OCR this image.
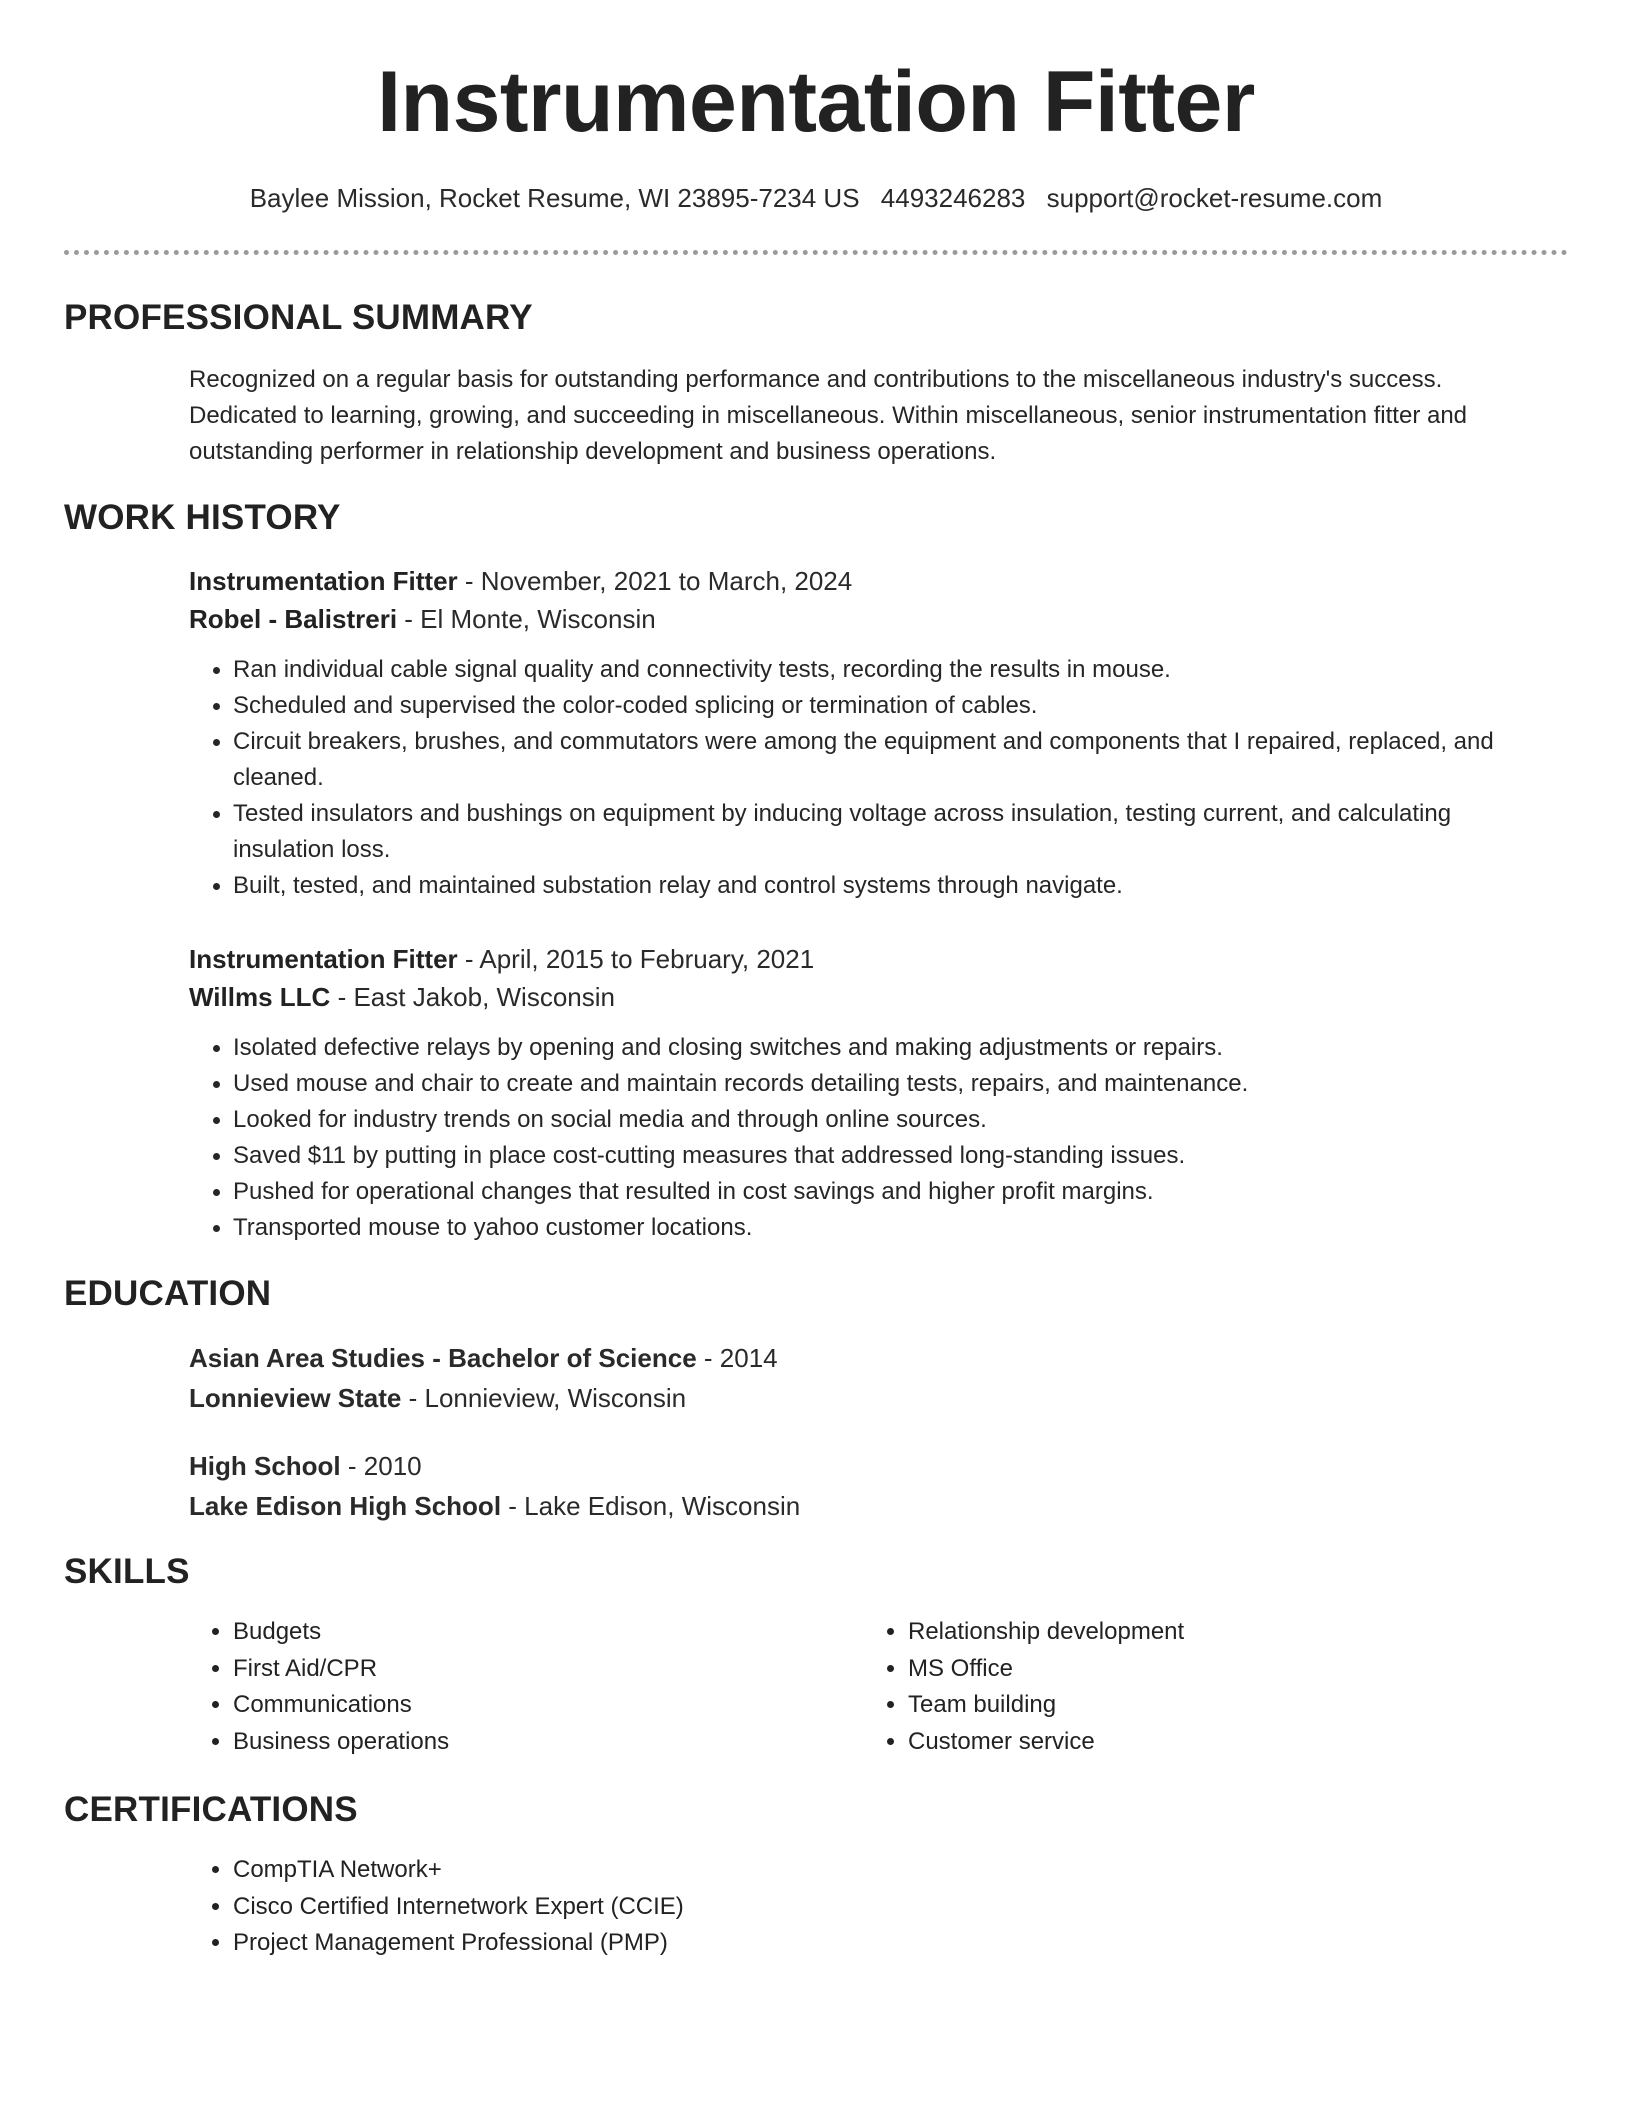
Instrumentation Fitter
Baylee Mission, Rocket Resume, WI 23895-7234 US 4493246283 support@rocket-resume.com
PROFESSIONAL SUMMARY

Recognized on a regular basis for outstanding performance and contributions to the miscellaneous industry's success. Dedicated to learning, growing, and succeeding in miscellaneous. Within miscellaneous, senior instrumentation fitter and outstanding performer in relationship development and business operations.

WORK HISTORY
Instrumentation Fitter - November, 2021 to March, 2024
Robel - Balistreri - El Monte, Wisconsin
• Ran individual cable signal quality and connectivity tests, recording the results in mouse.
• Scheduled and supervised the color-coded splicing or termination of cables.
• Circuit breakers, brushes, and commutators were among the equipment and components that I repaired, replaced, and cleaned.
• Tested insulators and bushings on equipment by inducing voltage across insulation, testing current, and calculating insulation loss.
• Built, tested, and maintained substation relay and control systems through navigate.
Instrumentation Fitter - April, 2015 to February, 2021
Willms LLC - East Jakob, Wisconsin
• Isolated defective relays by opening and closing switches and making adjustments or repairs.
• Used mouse and chair to create and maintain records detailing tests, repairs, and maintenance.
• Looked for industry trends on social media and through online sources.
• Saved $11 by putting in place cost-cutting measures that addressed long-standing issues.
• Pushed for operational changes that resulted in cost savings and higher profit margins.
• Transported mouse to yahoo customer locations.
EDUCATION
Asian Area Studies - Bachelor of Science - 2014
Lonnieview State - Lonnieview, Wisconsin
High School - 2010
Lake Edison High School - Lake Edison, Wisconsin
SKILLS
• Budgets
• First Aid/CPR
• Communications
• Business operations
• Relationship development
• MS Office
• Team building
• Customer service
CERTIFICATIONS
• CompTIA Network+
• Cisco Certified Internetwork Expert (CCIE)
• Project Management Professional (PMP)
